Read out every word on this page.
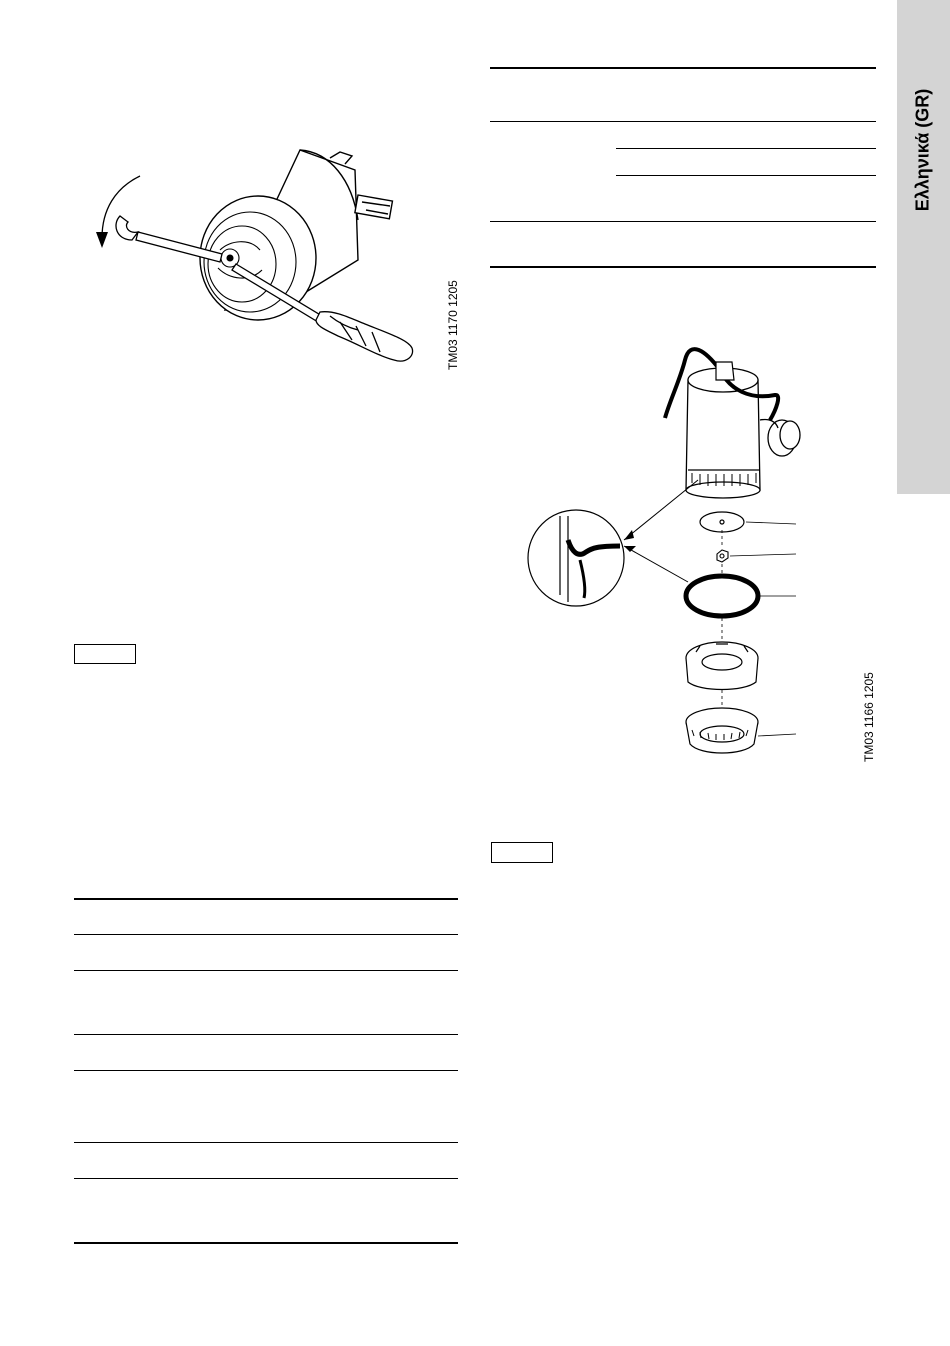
Ελληνικά (GR)
TM03 1170 1205
TM03 1166 1205
